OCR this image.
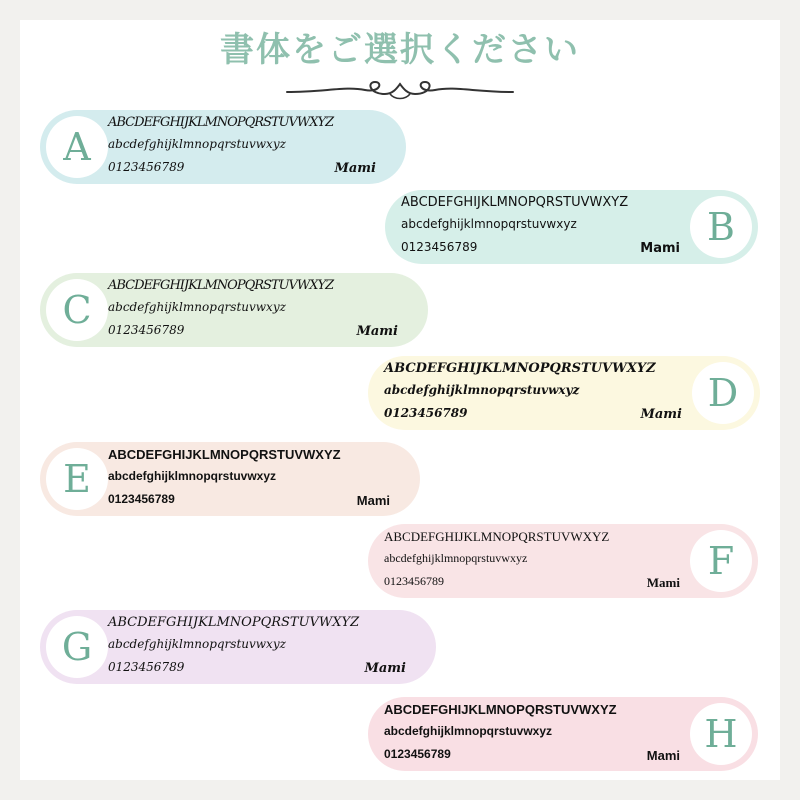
書体をご選択ください
A
ABCDEFGHIJKLMNOPQRSTUVWXYZ
abcdefghijklmnopqrstuvwxyz
0123456789	Mami
B
ABCDEFGHIJKLMNOPQRSTUVWXYZ
abcdefghijklmnopqrstuvwxyz
0123456789	Mami
C
ABCDEFGHIJKLMNOPQRSTUVWXYZ
abcdefghijklmnopqrstuvwxyz
0123456789	Mami
D
ABCDEFGHIJKLMNOPQRSTUVWXYZ
abcdefghijklmnopqrstuvwxyz
0123456789	Mami
E
ABCDEFGHIJKLMNOPQRSTUVWXYZ
abcdefghijklmnopqrstuvwxyz
0123456789	Mami
F
ABCDEFGHIJKLMNOPQRSTUVWXYZ
abcdefghijklmnopqrstuvwxyz
0123456789	Mami
G
ABCDEFGHIJKLMNOPQRSTUVWXYZ
abcdefghijklmnopqrstuvwxyz
0123456789	Mami
H
ABCDEFGHIJKLMNOPQRSTUVWXYZ
abcdefghijklmnopqrstuvwxyz
0123456789	Mami
